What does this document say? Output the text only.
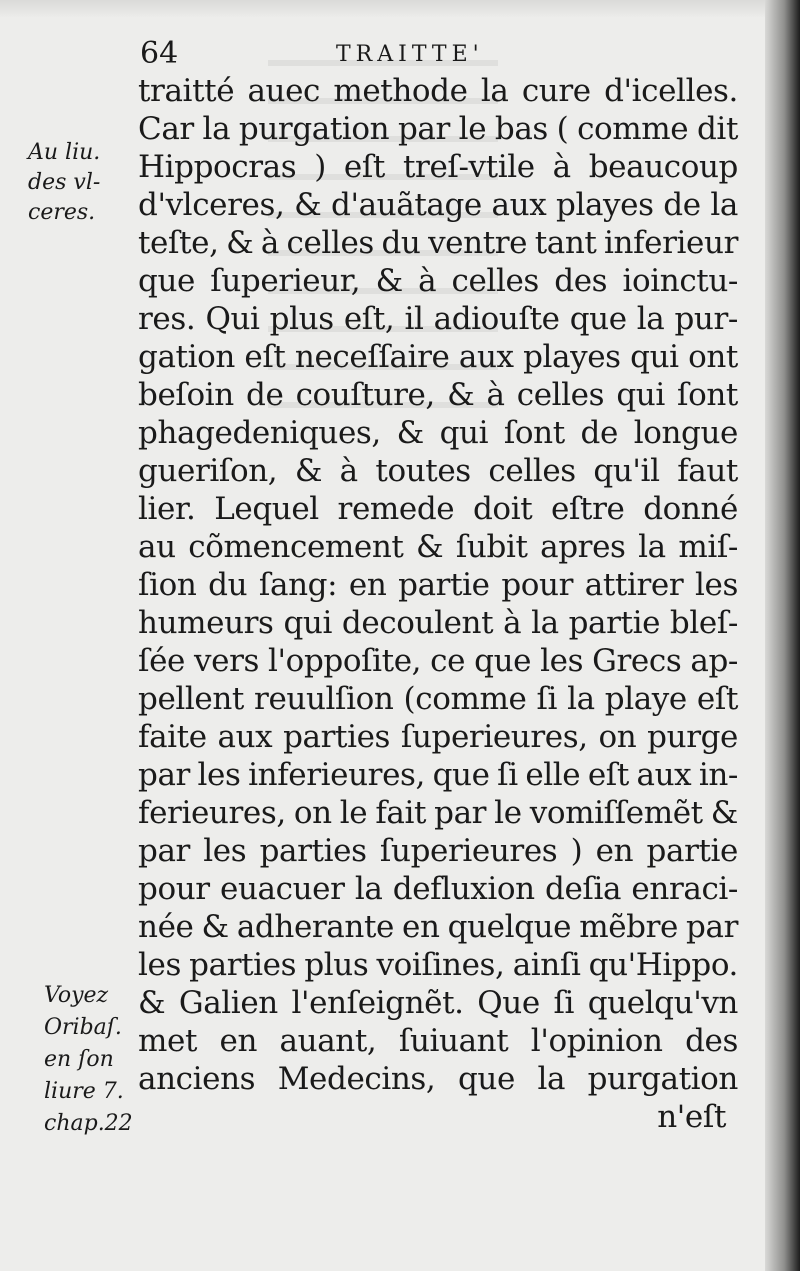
64	TRAITTE'
Au liu.
des vl-
ceres.
Voyez
Oribaſ.
en ſon
liure 7.
chap.22
traitté auec methode la cure d'icelles.
Car la purgation par le bas ( comme dit
Hippocras ) eſt treſ-vtile à beaucoup
d'vlceres, & d'auãtage aux playes de la
teſte, & à celles du ventre tant inferieur
que ſuperieur, & à celles des ioinctu-
res. Qui plus eſt, il adiouſte que la pur-
gation eſt neceſſaire aux playes qui ont
beſoin de couſture, & à celles qui ſont
phagedeniques, & qui ſont de longue
gueriſon, & à toutes celles qu'il faut
lier. Lequel remede doit eſtre donné
au cõmencement & ſubit apres la miſ-
ſion du ſang: en partie pour attirer les
humeurs qui decoulent à la partie bleſ-
ſée vers l'oppoſite, ce que les Grecs ap-
pellent reuulſion (comme ſi la playe eſt
faite aux parties ſuperieures, on purge
par les inferieures, que ſi elle eſt aux in-
ferieures, on le fait par le vomiſſemẽt &
par les parties ſuperieures ) en partie
pour euacuer la defluxion deſia enraci-
née & adherante en quelque mẽbre par
les parties plus voiſines, ainſi qu'Hippo.
& Galien l'enſeignẽt. Que ſi quelqu'vn
met en auant, ſuiuant l'opinion des
anciens Medecins, que la purgation
n'eſt
